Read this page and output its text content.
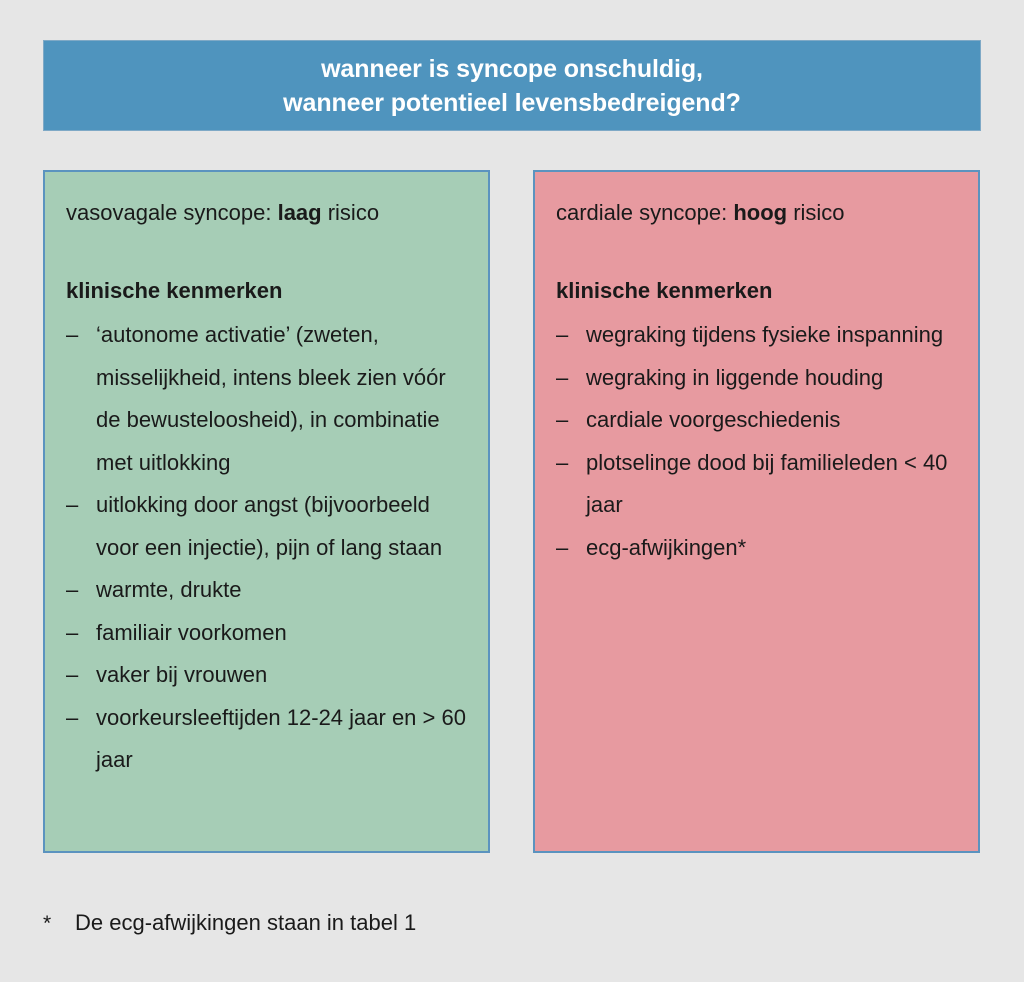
wanneer is syncope onschuldig,
wanneer potentieel levensbedreigend?

vasovagale syncope: laag risico

klinische kenmerken

– ‘autonome activatie’ (zweten, misselijkheid, intens bleek zien vóór de bewusteloosheid), in combinatie met uitlokking
– uitlokking door angst (bijvoorbeeld voor een injectie), pijn of lang staan
– warmte, drukte
– familiair voorkomen
– vaker bij vrouwen
– voorkeursleeftijden 12-24 jaar en > 60 jaar

cardiale syncope: hoog risico

klinische kenmerken

– wegraking tijdens fysieke inspanning
– wegraking in liggende houding
– cardiale voorgeschiedenis
– plotselinge dood bij familieleden < 40 jaar
– ecg-afwijkingen*
*	De ecg-afwijkingen staan in tabel 1
